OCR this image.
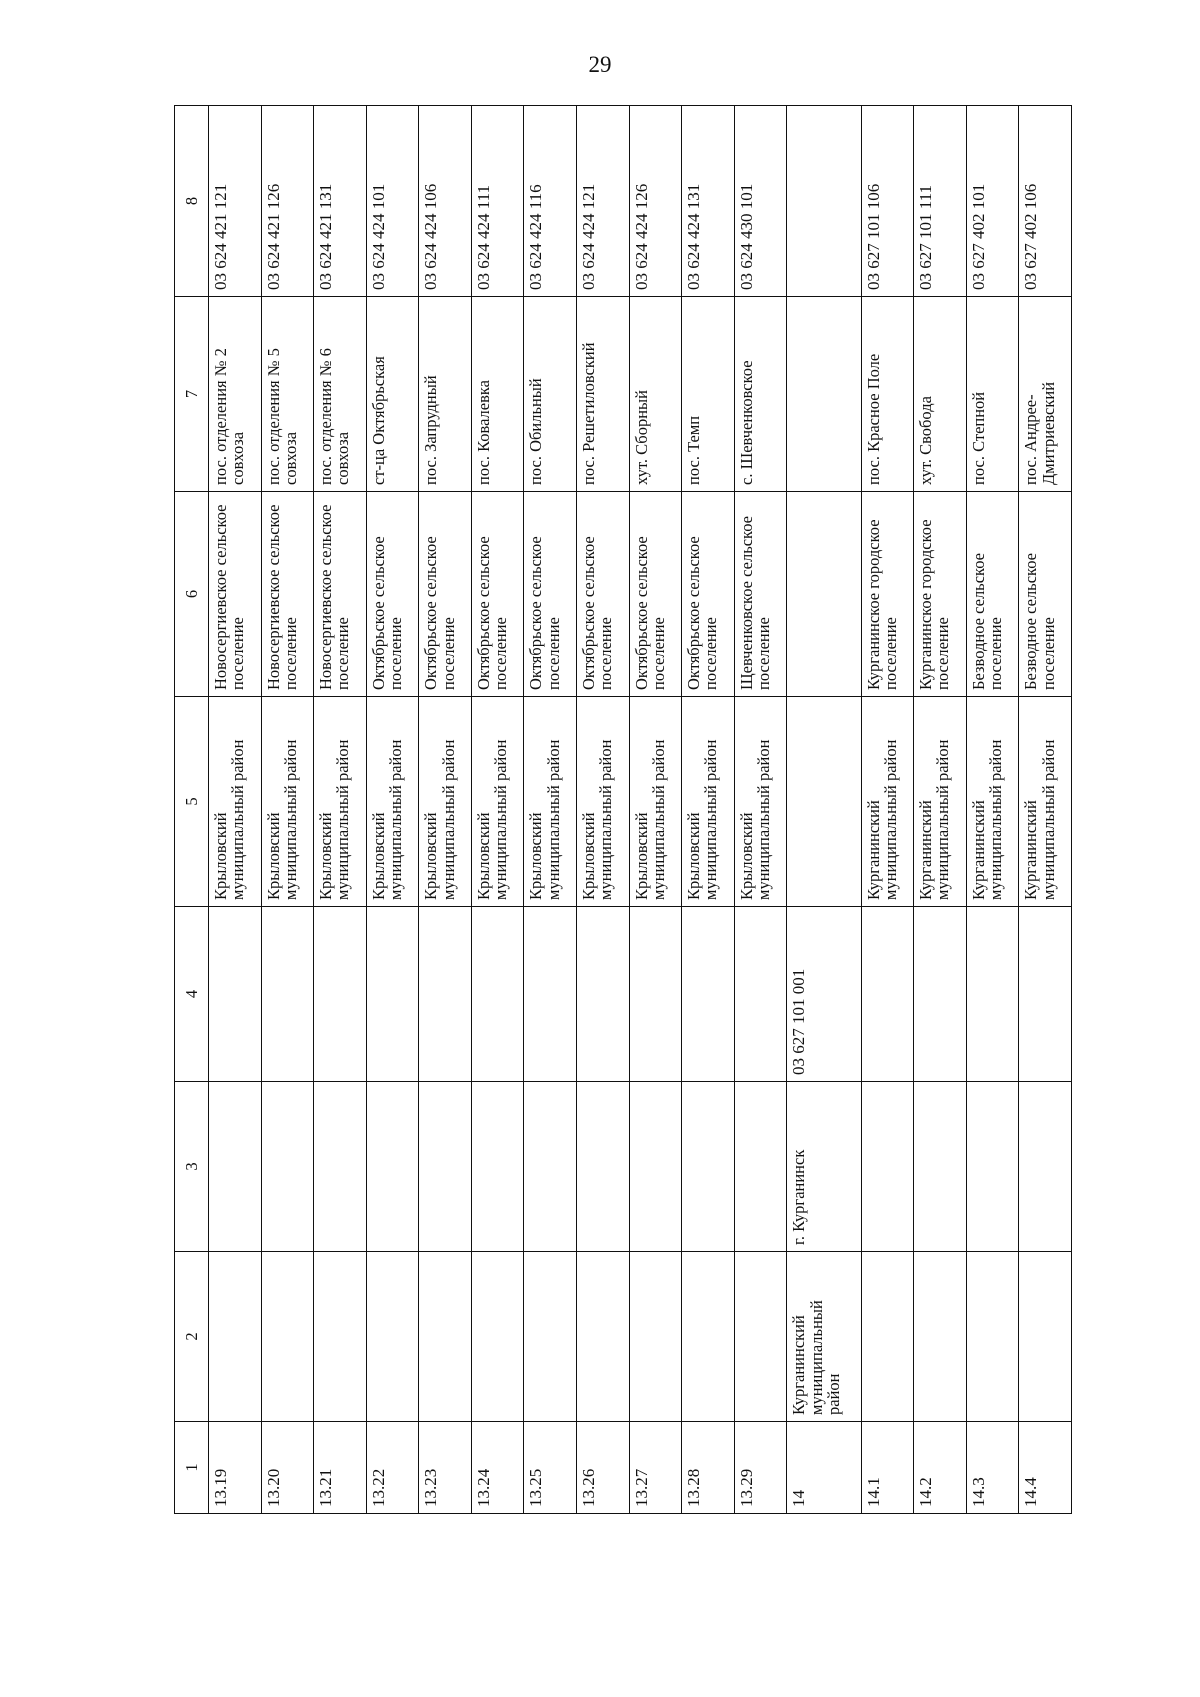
29
1	2	3	4	5	6	7	8
13.19				Крыловский муниципальный район	Новосергиевское сельское поселение	пос. отделения № 2 совхоза	03 624 421 121
13.20				Крыловский муниципальный район	Новосергиевское сельское поселение	пос. отделения № 5 совхоза	03 624 421 126
13.21				Крыловский муниципальный район	Новосергиевское сельское поселение	пос. отделения № 6 совхоза	03 624 421 131
13.22				Крыловский муниципальный район	Октябрьское сельское поселение	ст-ца Октябрьская	03 624 424 101
13.23				Крыловский муниципальный район	Октябрьское сельское поселение	пос. Запрудный	03 624 424 106
13.24				Крыловский муниципальный район	Октябрьское сельское поселение	пос. Ковалевка	03 624 424 111
13.25				Крыловский муниципальный район	Октябрьское сельское поселение	пос. Обильный	03 624 424 116
13.26				Крыловский муниципальный район	Октябрьское сельское поселение	пос. Решетиловский	03 624 424 121
13.27				Крыловский муниципальный район	Октябрьское сельское поселение	хут. Сборный	03 624 424 126
13.28				Крыловский муниципальный район	Октябрьское сельское поселение	пос. Темп	03 624 424 131
13.29				Крыловский муниципальный район	Щевченковское сельское поселение	с. Шевченковское	03 624 430 101
14	Курганинский муниципальный район	г. Курганинск	03 627 101 001				
14.1				Курганинский муниципальный район	Курганинское городское поселение	пос. Красное Поле	03 627 101 106
14.2				Курганинский муниципальный район	Курганинское городское поселение	хут. Свобода	03 627 101 111
14.3				Курганинский муниципальный район	Безводное сельское поселение	пос. Степной	03 627 402 101
14.4				Курганинский муниципальный район	Безводное сельское поселение	пос. Андрее-Дмитриевский	03 627 402 106
